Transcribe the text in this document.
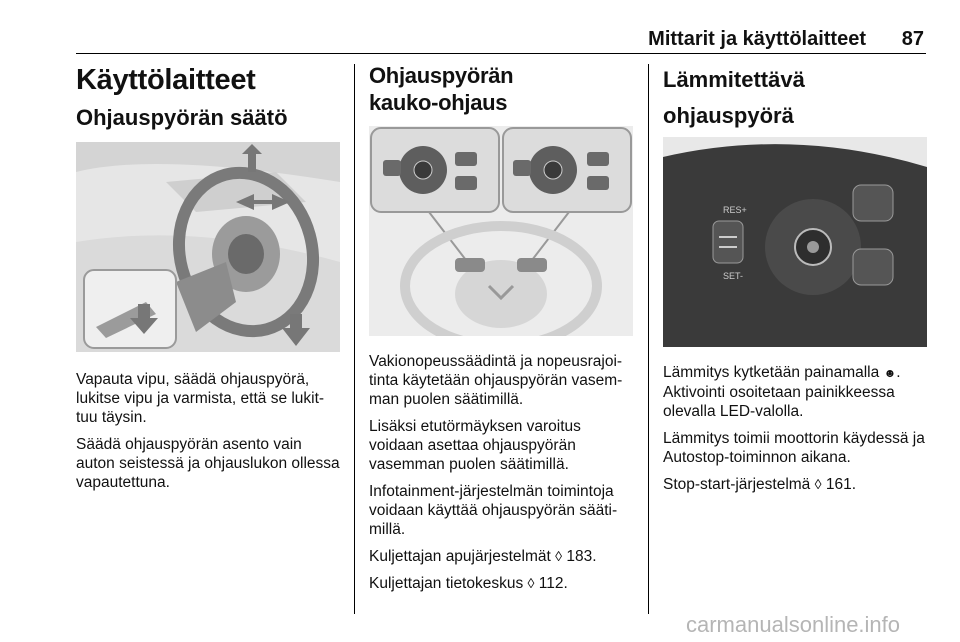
Mittarit ja käyttölaitteet 87
Käyttölaitteet
Ohjauspyörän säätö

Vapauta vipu, säädä ohjauspyörä, lukitse vipu ja varmista, että se lukit- tuu täysin.

Säädä ohjauspyörän asento vain auton seistessä ja ohjauslukon ollessa vapautettuna.

Ohjauspyörän
kauko-ohjaus

Vakionopeussäädintä ja nopeusrajoi- tinta käytetään ohjauspyörän vasem- man puolen säätimillä.

Lisäksi etutörmäyksen varoitus voidaan asettaa ohjauspyörän vasemman puolen säätimillä.

Infotainment-järjestelmän toimintoja voidaan käyttää ohjauspyörän sääti- millä.

Kuljettajan apujärjestelmät ◊ 183.

Kuljettajan tietokeskus ◊ 112.

Lämmitettävä ohjauspyörä
RES+
SET-

Lämmitys kytketään painamalla ☻.

Aktivointi osoitetaan painikkeessa olevalla LED-valolla.

Lämmitys toimii moottorin käydessä ja Autostop-toiminnon aikana.

Stop-start-järjestelmä ◊ 161.

carmanualsonline.info
